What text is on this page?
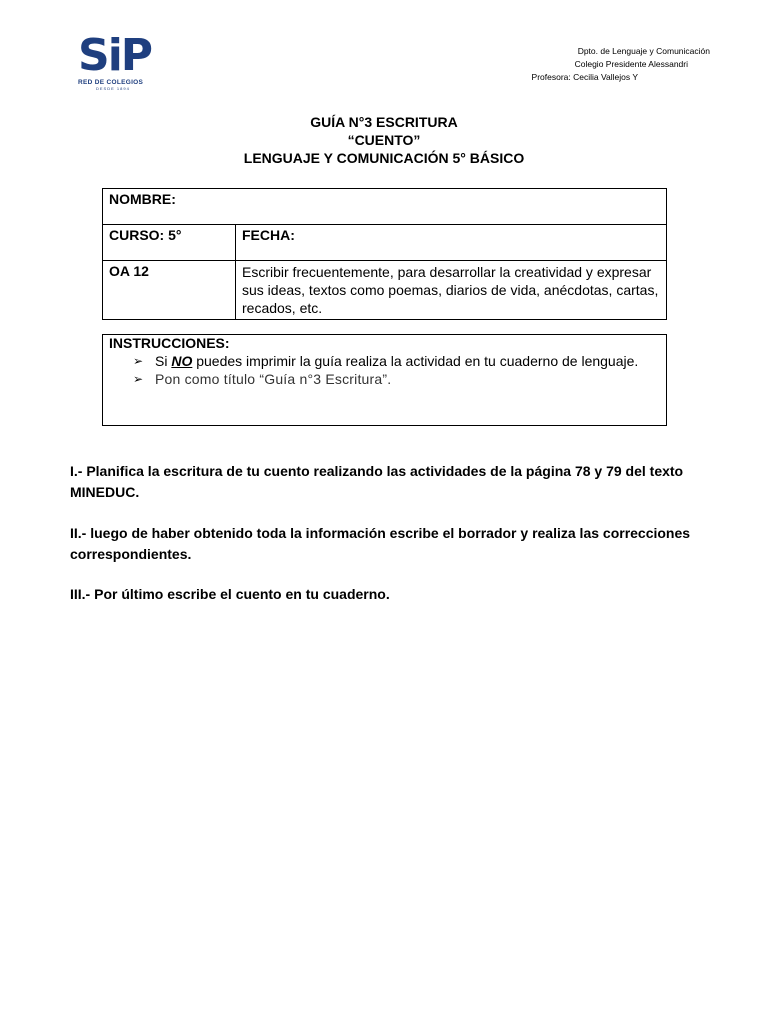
SiP
RED DE COLEGIOS
DESDE 1894
Dpto. de Lenguaje y Comunicación
Colegio Presidente Alessandri
Profesora: Cecilia Vallejos Y
GUÍA N°3 ESCRITURA
“CUENTO”
LENGUAJE Y COMUNICACIÓN 5° BÁSICO
NOMBRE:	
CURSO: 5°	FECHA:
OA 12	Escribir frecuentemente, para desarrollar la creatividad y expresar sus ideas, textos como poemas, diarios de vida, anécdotas, cartas, recados, etc.
INSTRUCCIONES:
➢ Si NO puedes imprimir la guía realiza la actividad en tu cuaderno de lenguaje.
➢ Pon como título “Guía n°3 Escritura”.
I.- Planifica la escritura de tu cuento realizando las actividades de la página 78 y 79 del texto MINEDUC.
II.- luego de haber obtenido toda la información escribe el borrador y realiza las correcciones correspondientes.
III.- Por último escribe el cuento en tu cuaderno.
